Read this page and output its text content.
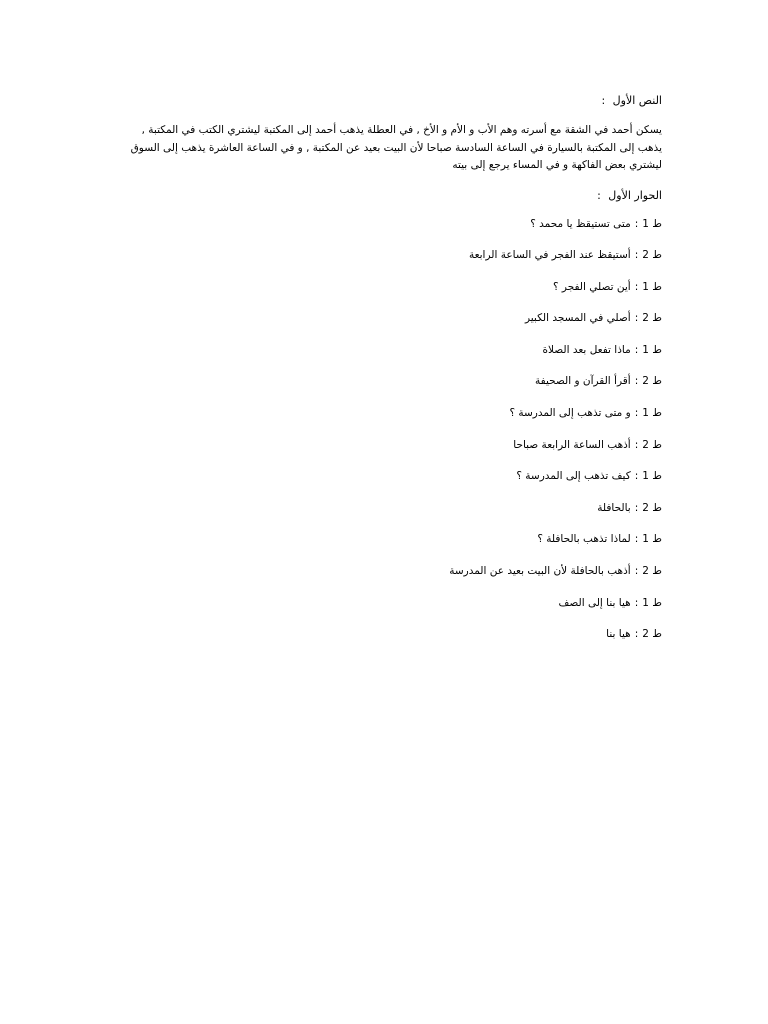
النص الأول :

يسكن أحمد في الشقة مع أسرته وهم الأب و الأم و الأخ , في العطلة يذهب أحمد إلى المكتبة ليشتري الكتب في المكتبة ,
يذهب إلى المكتبة بالسيارة في الساعة السادسة صباحا لأن البيت بعيد عن المكتبة , و في الساعة العاشرة يذهب إلى السوق
ليشتري بعض الفاكهة و في المساء يرجع إلى بيته

الحوار الأول :

ط 1:متى تستيقظ يا محمد ؟
ط 2:أستيقظ عند الفجر في الساعة الرابعة
ط 1:أين تصلي الفجر ؟
ط 2:أصلي في المسجد الكبير
ط 1:ماذا تفعل بعد الصلاة
ط 2:أقرأ القرآن و الصحيفة
ط 1:و متى تذهب إلى المدرسة ؟
ط 2:أذهب الساعة الرابعة صباحا
ط 1:كيف تذهب إلى المدرسة ؟
ط 2:بالحافلة
ط 1:لماذا تذهب بالحافلة ؟
ط 2:أذهب بالحافلة لأن البيت بعيد عن المدرسة
ط 1:هيا بنا إلى الصف
ط 2:هيا بنا
